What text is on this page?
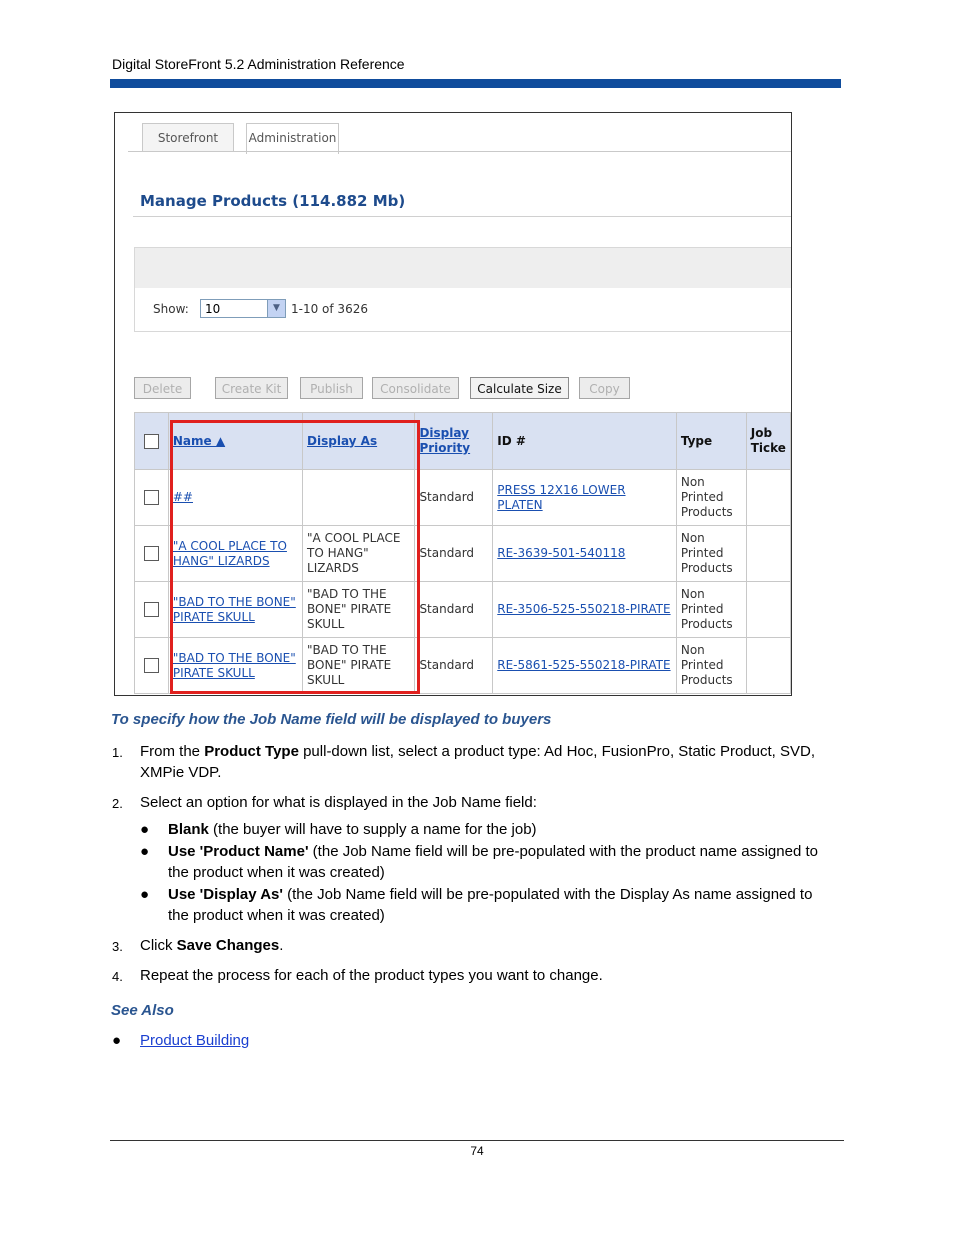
Digital StoreFront 5.2 Administration Reference
Storefront	Administration
Manage Products (114.882 Mb)
Show:	10	▼ 1-10 of 3626
Delete	Create Kit	Publish	Consolidate	Calculate Size	Copy
	Name ▲	Display As	Display Priority	ID #	Type	Job Ticke
	##		Standard	PRESS 12X16 LOWER PLATEN	Non Printed Products	
	"A COOL PLACE TO HANG" LIZARDS	"A COOL PLACE TO HANG" LIZARDS	Standard	RE-3639-501-540118	Non Printed Products	
	"BAD TO THE BONE" PIRATE SKULL	"BAD TO THE BONE" PIRATE SKULL	Standard	RE-3506-525-550218-PIRATE	Non Printed Products	
	"BAD TO THE BONE" PIRATE SKULL	"BAD TO THE BONE" PIRATE SKULL	Standard	RE-5861-525-550218-PIRATE	Non Printed Products	
To specify how the Job Name field will be displayed to buyers
1. From the Product Type pull-down list, select a product type: Ad Hoc, FusionPro, Static Product, SVD, XMPie VDP.
2. Select an option for what is displayed in the Job Name field:
● Blank (the buyer will have to supply a name for the job)
● Use 'Product Name' (the Job Name field will be pre-populated with the product name assigned to the product when it was created)
● Use 'Display As' (the Job Name field will be pre-populated with the Display As name assigned to the product when it was created)
3. Click Save Changes.
4. Repeat the process for each of the product types you want to change.
See Also
● Product Building
74
